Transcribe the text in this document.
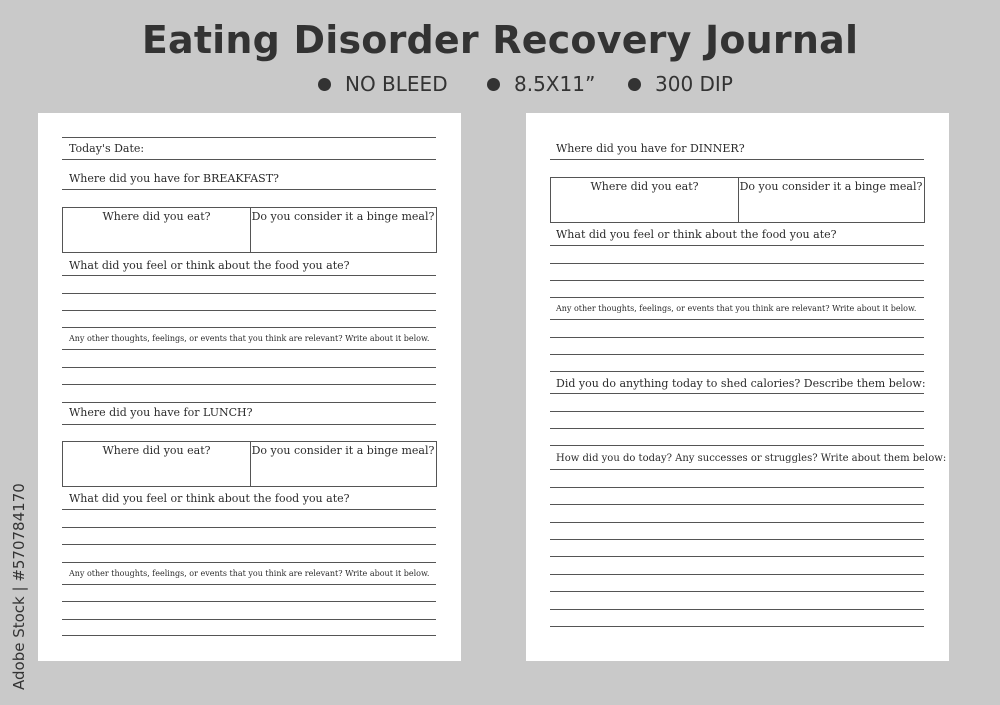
Eating Disorder Recovery Journal
NO BLEED	8.5X11”	300 DIP
Today's Date:
Where did you have for BREAKFAST?
Where did you eat?	Do you consider it a binge meal?
What did you feel or think about the food you ate?
Any other thoughts, feelings, or events that you think are relevant? Write about it below.
Where did you have for LUNCH?
Where did you eat?	Do you consider it a binge meal?
What did you feel or think about the food you ate?
Any other thoughts, feelings, or events that you think are relevant? Write about it below.
Where did you have for DINNER?
Where did you eat?	Do you consider it a binge meal?
What did you feel or think about the food you ate?
Any other thoughts, feelings, or events that you think are relevant? Write about it below.
Did you do anything today to shed calories? Describe them below:
How did you do today? Any successes or struggles? Write about them below:
Adobe Stock | #570784170
